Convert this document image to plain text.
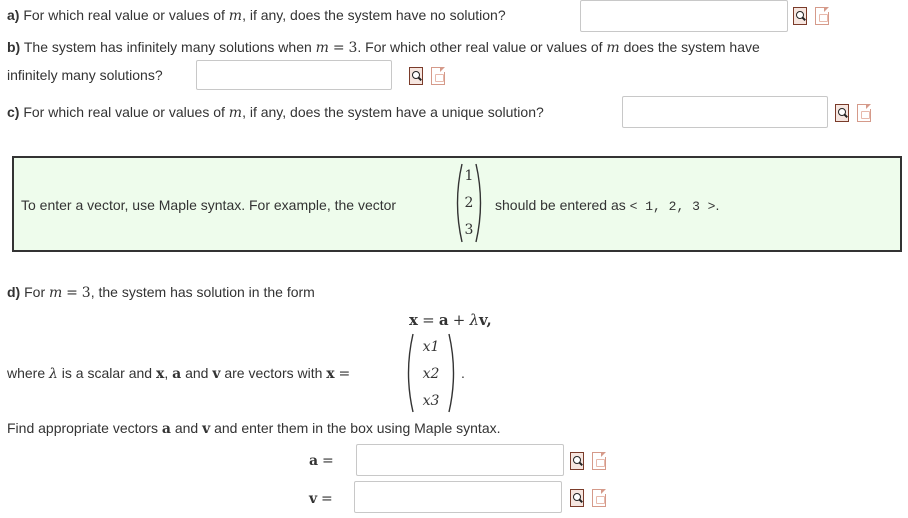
a) For which real value or values of m, if any, does the system have no solution?
b) The system has infinitely many solutions when m = 3. For which other real value or values of m does the system have
infinitely many solutions?
c) For which real value or values of m, if any, does the system have a unique solution?
To enter a vector, use Maple syntax. For example, the vector
1
2
3
should be entered as < 1, 2, 3 >.
d) For m = 3, the system has solution in the form
x = a + λv,
where λ is a scalar and x, a and v are vectors with x =
x1
x2
x3
.
Find appropriate vectors a and v and enter them in the box using Maple syntax.
a =
v =
